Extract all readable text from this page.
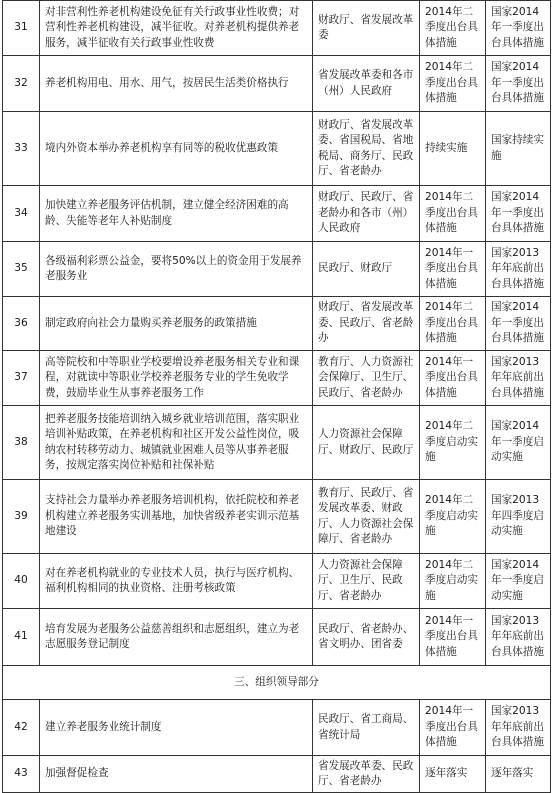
31	对非营利性养老机构建设免征有关行政事业性收费；对营利性养老机构建设，减半征收。对养老机构提供养老服务，减半征收有关行政事业性收费	财政厅、省发展改革委	2014年二季度出台具体措施	国家2014年一季度出台具体措施
32	养老机构用电、用水、用气，按居民生活类价格执行	省发展改革委和各市（州）人民政府	2014年二季度出台具体措施	国家2014年一季度出台具体措施
33	境内外资本举办养老机构享有同等的税收优惠政策	财政厅、省发展改革委、省国税局、省地税局、商务厅、民政厅、省老龄办	持续实施	国家持续实施
34	加快建立养老服务评估机制，建立健全经济困难的高龄、失能等老年人补贴制度	财政厅、民政厅、省老龄办和各市（州）人民政府	2014年二季度出台具体措施	国家2014年一季度出台具体措施
35	各级福利彩票公益金，要将50%以上的资金用于发展养老服务业	民政厅、财政厅	2014年一季度出台具体措施	国家2013年年底前出台具体措施
36	制定政府向社会力量购买养老服务的政策措施	财政厅、省发展改革委、民政厅、省老龄办	2014年二季度出台具体措施	国家2014年一季度出台具体措施
37	高等院校和中等职业学校要增设养老服务相关专业和课程，对就读中等职业学校养老服务专业的学生免收学费，鼓励毕业生从事养老服务工作	教育厅、人力资源社会保障厅、卫生厅、民政厅、省老龄办	2014年一季度出台具体措施	国家2013年年底前出台具体措施
38	把养老服务技能培训纳入城乡就业培训范围，落实职业培训补贴政策，在养老机构和社区开发公益性岗位，吸纳农村转移劳动力、城镇就业困难人员等从事养老服务，按规定落实岗位补贴和社保补贴	人力资源社会保障厅、财政厅、民政厅	2014年二季度启动实施	国家2014年一季度启动实施
39	支持社会力量举办养老服务培训机构，依托院校和养老机构建立养老服务实训基地，加快省级养老实训示范基地建设	教育厅、民政厅、省发展改革委、财政厅、人力资源社会保障厅、省老龄办	2014年二季度启动实施	国家2013年四季度启动实施
40	对在养老机构就业的专业技术人员，执行与医疗机构、福利机构相同的执业资格、注册考核政策	人力资源社会保障厅、卫生厅、民政厅、省老龄办	2014年二季度启动实施	国家2014年一季度启动实施
41	培育发展为老服务公益慈善组织和志愿组织，建立为老志愿服务登记制度	民政厅、省老龄办、省文明办、团省委	2014年一季度出台具体措施	国家2013年年底前出台具体措施
三、组织领导部分				
42	建立养老服务业统计制度	民政厅、省工商局、省统计局	2014年一季度出台具体措施	国家2013年年底前出台具体措施
43	加强督促检查	省发展改革委、民政厅、省老龄办	逐年落实	逐年落实
